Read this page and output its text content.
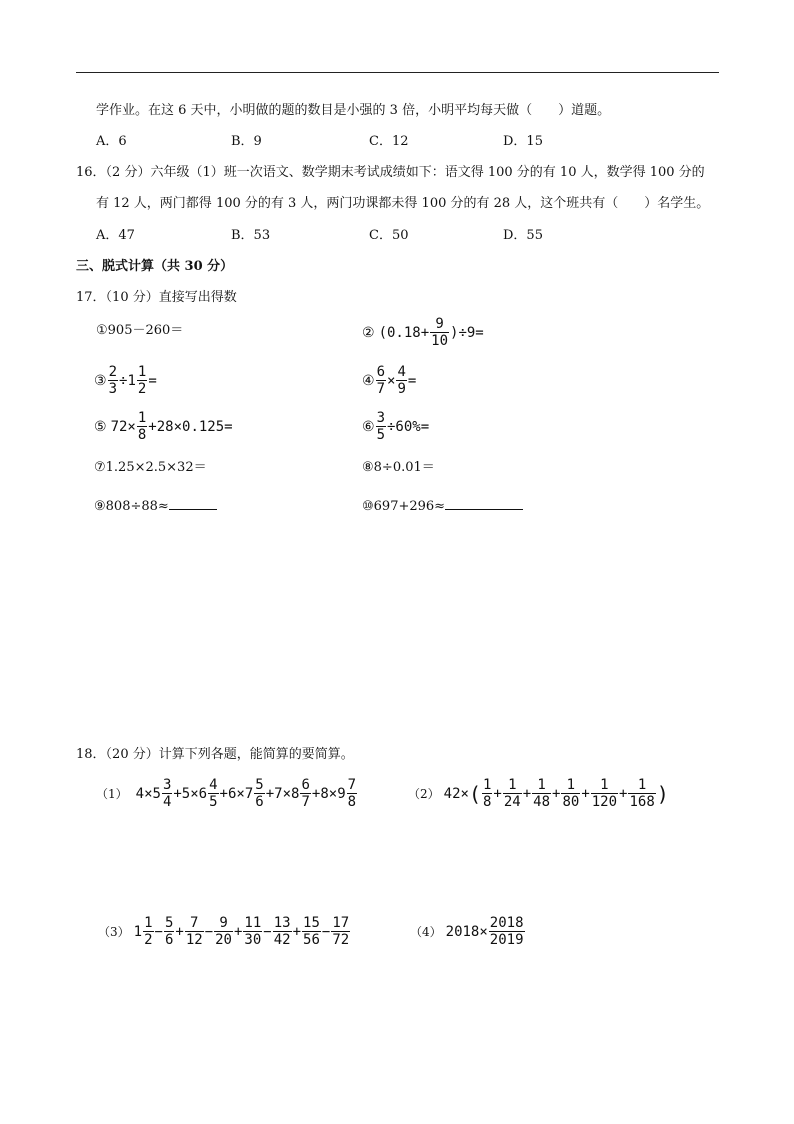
学作业。在这 6 天中，小明做的题的数目是小强的 3 倍，小明平均每天做（　　）道题。
A．6	B．9	C．12	D．15
16．（2 分）六年级（1）班一次语文、数学期末考试成绩如下：语文得 100 分的有 10 人，数学得 100 分的
有 12 人，两门都得 100 分的有 3 人，两门功课都未得 100 分的有 28 人，这个班共有（　　）名学生。
A．47	B．53	C．50	D．55
三、脱式计算（共 30 分）
17．（10 分）直接写出得数
①905－260＝	② ( $0.18+ \frac{9}{10} )\div 9=$
③ $\frac{2}{3} \div 1 \frac{1}{2}$ =	④ $\frac{6}{7} \times \frac{4}{9}$ =
⑤ $72\times \frac{1}{8} +28\times 0.125=$	⑥ $\frac{3}{5} \div 60\%=$
⑦1.25×2.5×32＝	⑧8÷0.01＝
⑨808÷88≈	⑩697+296≈
18．（20 分）计算下列各题，能简算的要简算。
（1） $4\times 5 \frac{3}{4} +5\times 6 \frac{4}{5} +6\times 7 \frac{5}{6} +7\times 8 \frac{6}{7} +8\times 9 \frac{7}{8}$	（2） 42× ( $\frac{1}{8} + \frac{1}{24} + \frac{1}{48} + \frac{1}{80} + \frac{1}{120} + \frac{1}{168}$ )
（3） $1 \frac{1}{2} - \frac{5}{6} + \frac{7}{12} - \frac{9}{20} + \frac{11}{30} - \frac{13}{42} + \frac{15}{56} - \frac{17}{72}$	（4） $2018\times \frac{2018}{2019}$
